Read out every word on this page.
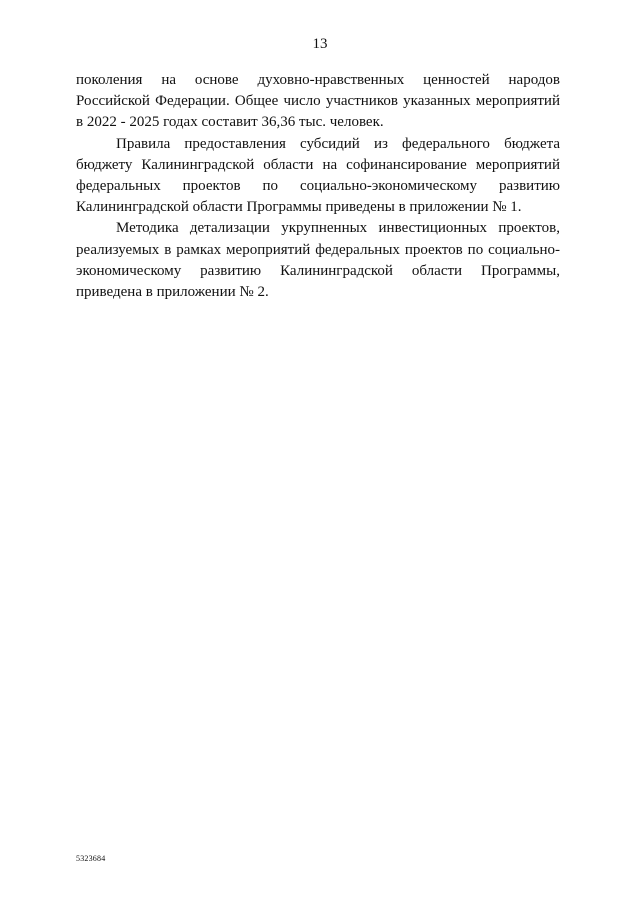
13
поколения на основе духовно-нравственных ценностей народов
Российской Федерации. Общее число участников указанных мероприятий
в 2022 - 2025 годах составит 36,36 тыс. человек.
Правила предоставления субсидий из федерального бюджета
бюджету Калининградской области на софинансирование мероприятий
федеральных проектов по социально-экономическому развитию
Калининградской области Программы приведены в приложении № 1.
Методика детализации укрупненных инвестиционных проектов,
реализуемых в рамках мероприятий федеральных проектов по социально-
экономическому развитию Калининградской области Программы,
приведена в приложении № 2.
5323684
